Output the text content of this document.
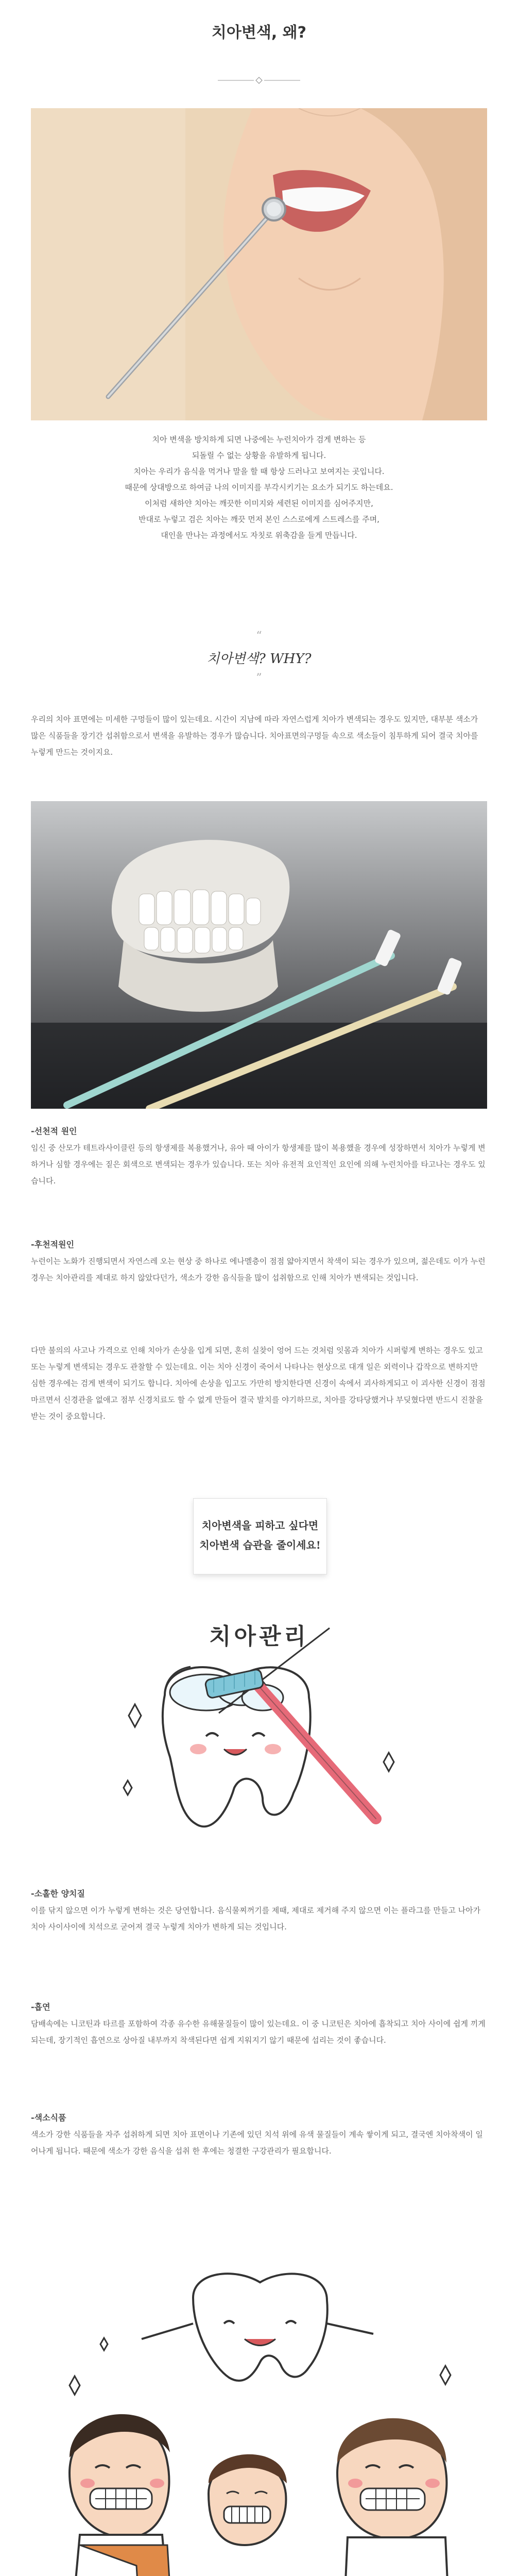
치아변색, 왜?
치아 변색을 방치하게 되면 나중에는 누런치아가 검게 변하는 등
되돌릴 수 없는 상황을 유발하게 됩니다.
치아는 우리가 음식을 먹거나 말을 할 때 항상 드러나고 보여지는 곳입니다.
때문에 상대방으로 하여금 나의 이미지를 부각시키기는 요소가 되기도 하는데요.
이처럼 새하얀 치아는 깨끗한 이미지와 세련된 이미지를 심어주지만,
반대로 누렇고 검은 치아는 깨끗 먼저 본인 스스로에게 스트레스를 주며,
대인을 만나는 과정에서도 자칫로 위축감을 들게 만듭니다.
“
치아변색? WHY?
”
우리의 치아 표면에는 미세한 구멍들이 많이 있는데요. 시간이 지남에 따라 자연스럽게 치아가 변색되는 경우도 있지만, 대부분 색소가 많은 식품들을 장기간 섭취함으로서 변색을 유발하는 경우가 많습니다. 치아표면의구멍들 속으로 색소들이 침투하게 되어 결국 치아를 누렇게 만드는 것이지요.
-선천적 원인
임신 중 산모가 테트라사이클린 등의 항생제를 복용했거나, 유아 때 아이가 항생제를 많이 복용했을 경우에 성장하면서 치아가 누렇게 변하거나 심할 경우에는 짙은 회색으로 변색되는 경우가 있습니다. 또는 치아 유전적 요인적인 요인에 의해 누런치아를 타고나는 경우도 있습니다.
-후천적원인
누런이는 노화가 진행되면서 자연스레 오는 현상 중 하나로 에나멜층이 점점 얇아지면서 착색이 되는 경우가 있으며, 젊은데도 이가 누런 경우는 치아관리를 제대로 하지 않았다던가, 색소가 강한 음식들을 많이 섭취함으로 인해 치아가 변색되는 것입니다.
다만 불의의 사고나 가격으로 인해 치아가 손상을 입게 되면, 혼히 실찾이 엉어 드는 것처럼 잇몸과 치아가 시퍼렇게 변하는 경우도 있고 또는 누렇게 변색되는 경우도 관찰할 수 있는데요. 이는 치아 신경이 죽어서 나타나는 현상으로 대개 일은 외력이나 갑작으로 변하지만 심한 경우에는 검게 변색이 되기도 합니다. 치아에 손상을 입고도 가만히 방치한다면 신경이 속에서 괴사하게되고 이 괴사한 신경이 점점 마르면서 신경관을 없애고 점부 신경치료도 할 수 없게 만들어 결국 발치를 야기하므로, 치아를 강타당했거나 부딪혔다면 반드시 진찰을 받는 것이 중요합니다.

치아변색을 피하고 싶다면

치아변색 습관을 줄이세요!

치아관리
-소홀한 양치질
이를 닦지 않으면 이가 누렇게 변하는 것은 당연합니다. 음식물찌꺼기를 제때, 제대로 제거해 주지 않으면 이는 플라그를 만들고 나아가 치아 사이사이에 치석으로 굳어져 결국 누렇게 치아가 변하게 되는 것입니다.
-흡연
담배속에는 니코틴과 타르를 포함하여 각종 유수한 유해물질들이 많이 있는데요. 이 중 니코틴은 치아에 흡착되고 치아 사이에 쉽게 끼게 되는데, 장기적인 흡연으로 상아질 내부까지 착색된다면 쉽게 지워지기 않기 때문에 섭리는 것이 좋습니다.
-색소식품
색소가 강한 식품들을 자주 섭취하게 되면 치아 표면이나 기존에 있던 치석 위에 유색 물질들이 계속 쌓이게 되고, 결국엔 치아착색이 일어나게 됩니다. 때문에 색소가 강한 음식을 섭취 한 후에는 청결한 구강관리가 필요합니다.
